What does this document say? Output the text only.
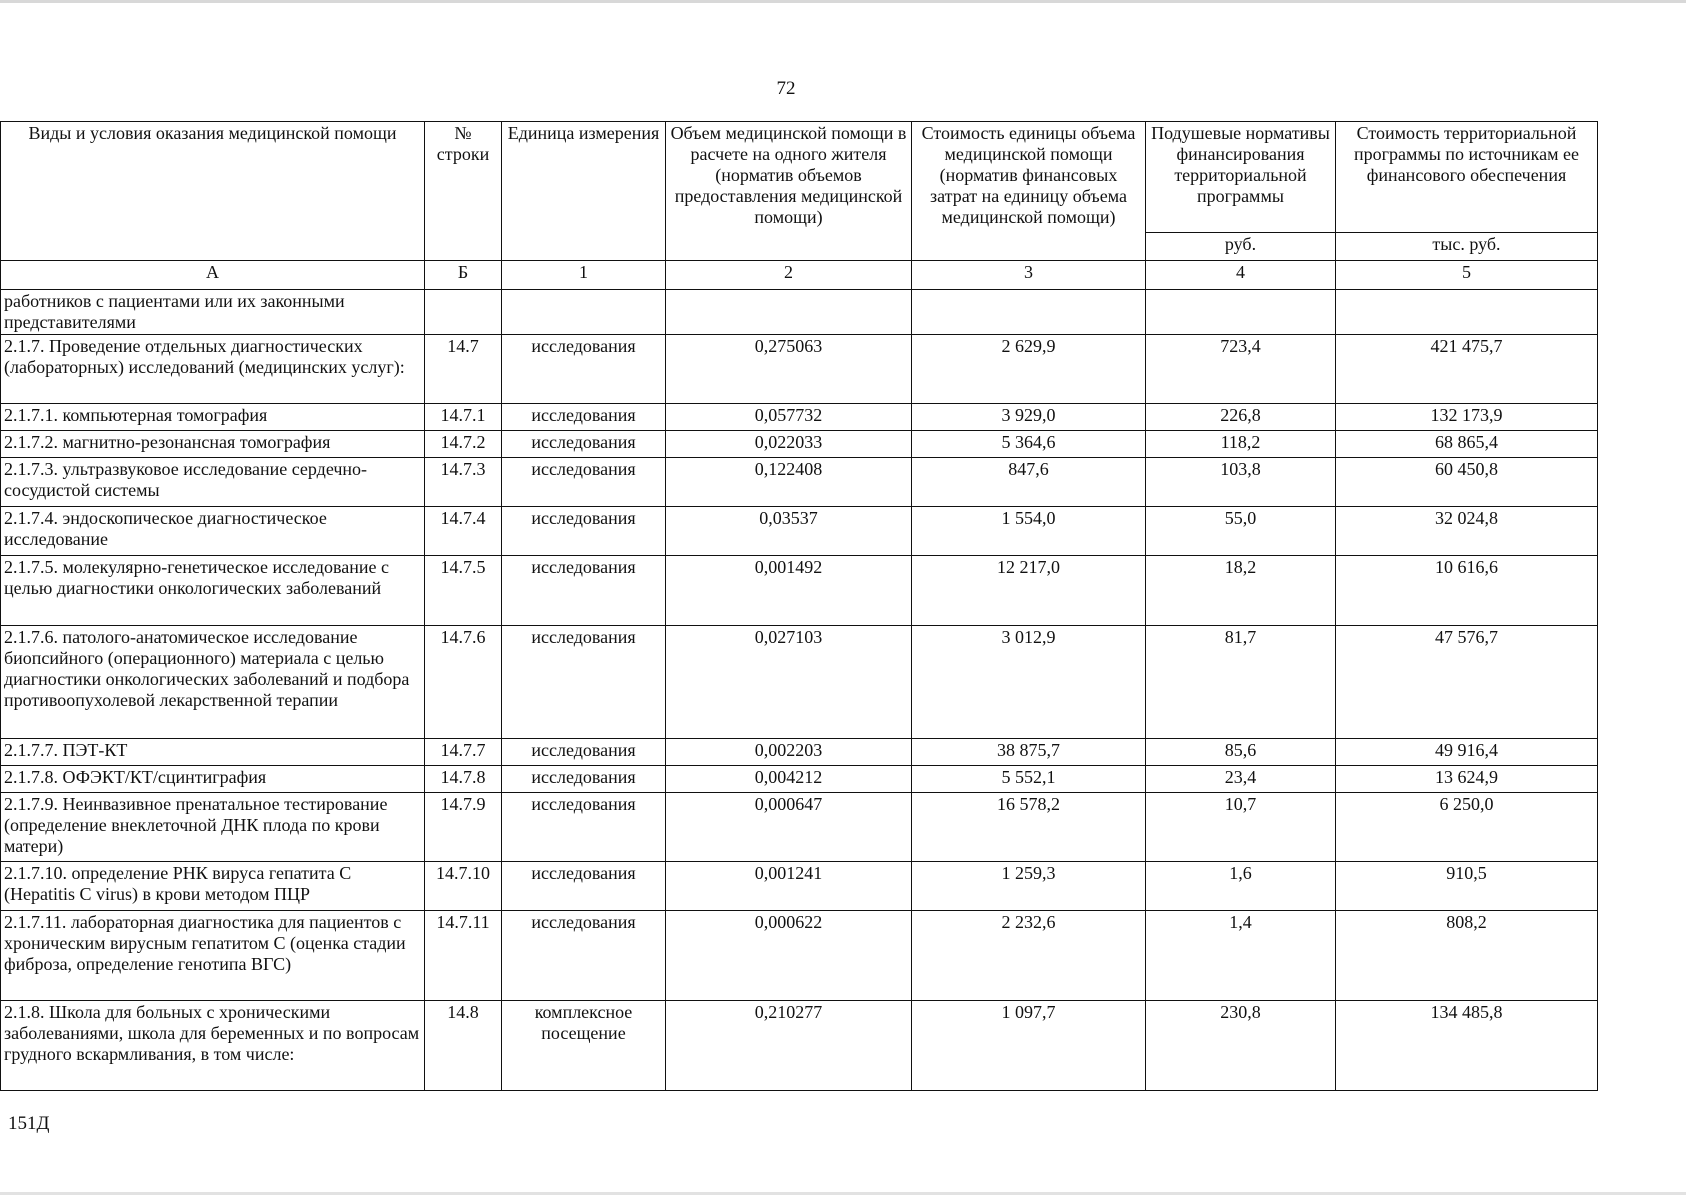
72
Виды и условия оказания медицинской помощи	№ строки	Единица измерения	Объем медицинской помощи в расчете на одного жителя (норматив объемов предоставления медицинской помощи)	Стоимость единицы объема медицинской помощи (норматив финансовых затрат на единицу объема медицинской помощи)	Подушевые нормативы финансирования территориальной программы	Стоимость территориальной программы по источникам ее финансового обеспечения
					руб.	тыс. руб.
А	Б	1	2	3	4	5
работников с пациентами или их законными представителями						
2.1.7. Проведение отдельных диагностических (лабораторных) исследований (медицинских услуг):	14.7	исследования	0,275063	2 629,9	723,4	421 475,7
2.1.7.1. компьютерная томография	14.7.1	исследования	0,057732	3 929,0	226,8	132 173,9
2.1.7.2. магнитно-резонансная томография	14.7.2	исследования	0,022033	5 364,6	118,2	68 865,4
2.1.7.3. ультразвуковое исследование сердечно-сосудистой системы	14.7.3	исследования	0,122408	847,6	103,8	60 450,8
2.1.7.4. эндоскопическое диагностическое исследование	14.7.4	исследования	0,03537	1 554,0	55,0	32 024,8
2.1.7.5. молекулярно-генетическое исследование с целью диагностики онкологических заболеваний	14.7.5	исследования	0,001492	12 217,0	18,2	10 616,6
2.1.7.6. патолого-анатомическое исследование биопсийного (операционного) материала с целью диагностики онкологических заболеваний и подбора противоопухолевой лекарственной терапии	14.7.6	исследования	0,027103	3 012,9	81,7	47 576,7
2.1.7.7. ПЭТ-КТ	14.7.7	исследования	0,002203	38 875,7	85,6	49 916,4
2.1.7.8. ОФЭКТ/КТ/сцинтиграфия	14.7.8	исследования	0,004212	5 552,1	23,4	13 624,9
2.1.7.9. Неинвазивное пренатальное тестирование (определение внеклеточной ДНК плода по крови матери)	14.7.9	исследования	0,000647	16 578,2	10,7	6 250,0
2.1.7.10. определение РНК вируса гепатита С (Hepatitis C virus) в крови методом ПЦР	14.7.10	исследования	0,001241	1 259,3	1,6	910,5
2.1.7.11. лабораторная диагностика для пациентов с хроническим вирусным гепатитом С (оценка стадии фиброза, определение генотипа ВГС)	14.7.11	исследования	0,000622	2 232,6	1,4	808,2
2.1.8. Школа для больных с хроническими заболеваниями, школа для беременных и по вопросам грудного вскармливания, в том числе:	14.8	комплексное посещение	0,210277	1 097,7	230,8	134 485,8
151Д
